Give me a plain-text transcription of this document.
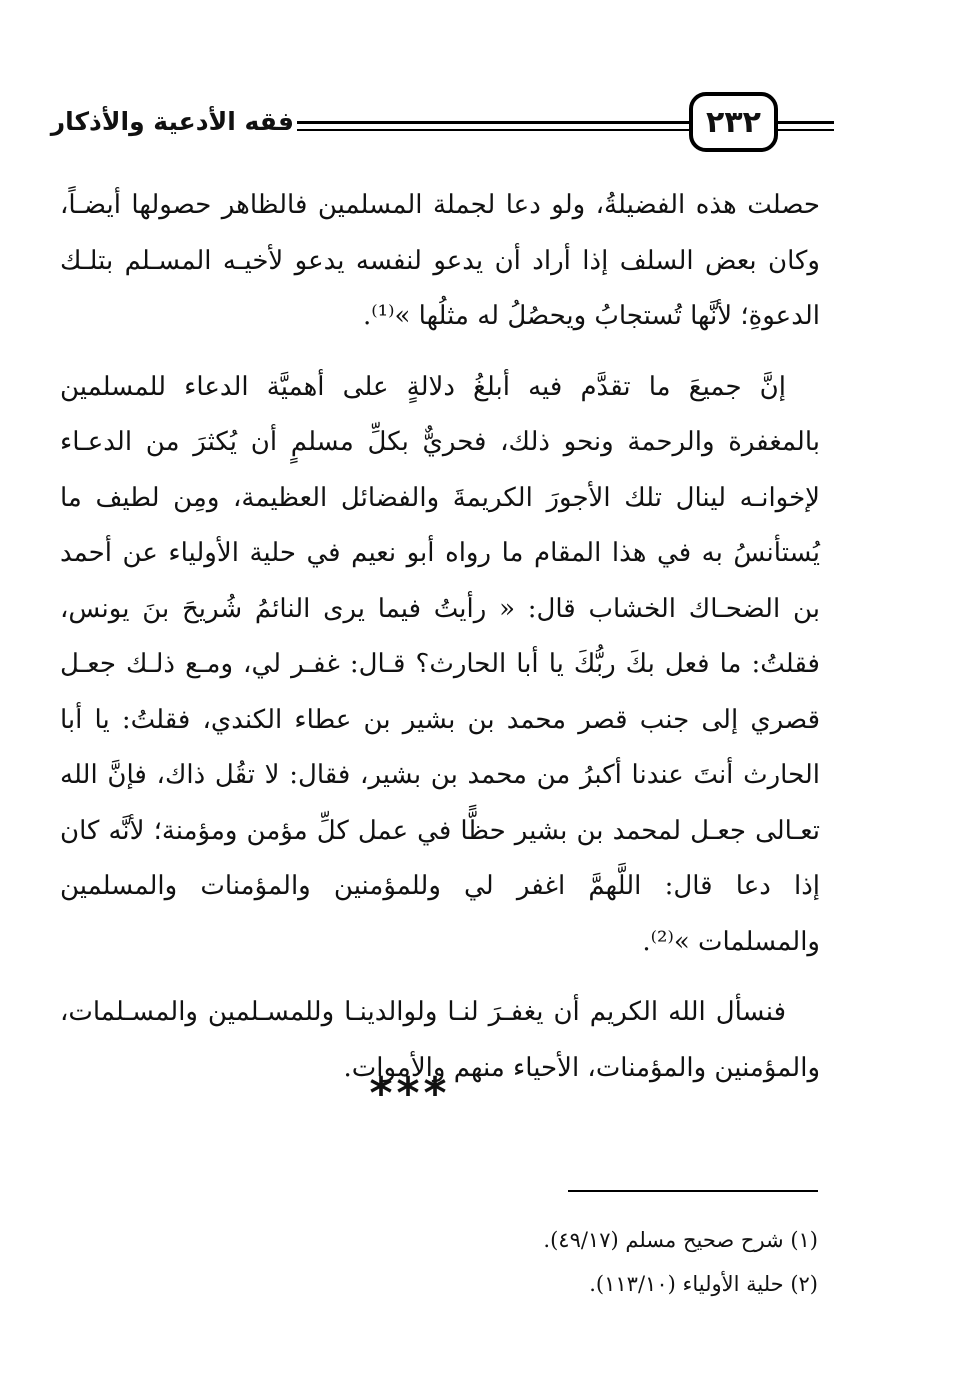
فقه الأدعية والأذكار	٢٣٢

حصلت هذه الفضيلةُ، ولو دعا لجملة المسلمين فالظاهر حصولها أيضـاً، وكان بعض السلف إذا أراد أن يدعو لنفسه يدعو لأخيـه المسـلم بتلـك الدعوةِ؛ لأنَّها تُستجابُ ويحصُلُ له مثلُها »⁽¹⁾.

إنَّ جميعَ ما تقدَّم فيه أبلغُ دلالةٍ على أهميَّة الدعاء للمسلمين بالمغفرة والرحمة ونحو ذلك، فحريٌّ بكلِّ مسلمٍ أن يُكثرَ من الدعـاء لإخوانـه لينال تلك الأجورَ الكريمةَ والفضائل العظيمة، ومِن لطيف ما يُستأنسُ به في هذا المقام ما رواه أبو نعيم في حلية الأولياء عن أحمد بن الضحـاك الخشاب قال: « رأيتُ فيما يرى النائمُ شُريحَ بنَ يونس، فقلتُ: ما فعل بكَ ربُّكَ يا أبا الحارث؟ قـال: غفـر لي، ومـع ذلـك جعـل قصري إلى جنب قصر محمد بن بشير بن عطاء الكندي، فقلتُ: يا أبا الحارث أنتَ عندنا أكبرُ من محمد بن بشير، فقال: لا تقُل ذاك، فإنَّ الله تعـالى جعـل لمحمد بن بشير حظًّا في عمل كلِّ مؤمن ومؤمنة؛ لأنَّه كان إذا دعا قال: اللَّهمَّ اغفر لي وللمؤمنين والمؤمنات والمسلمين والمسلمات »⁽²⁾.

فنسأل الله الكريم أن يغفـرَ لنـا ولوالدينـا وللمسـلمين والمسـلمات، والمؤمنين والمؤمنات، الأحياء منهم والأموات.

***
(١) شرح صحيح مسلم (٤٩/١٧).
(٢) حلية الأولياء (١١٣/١٠).
